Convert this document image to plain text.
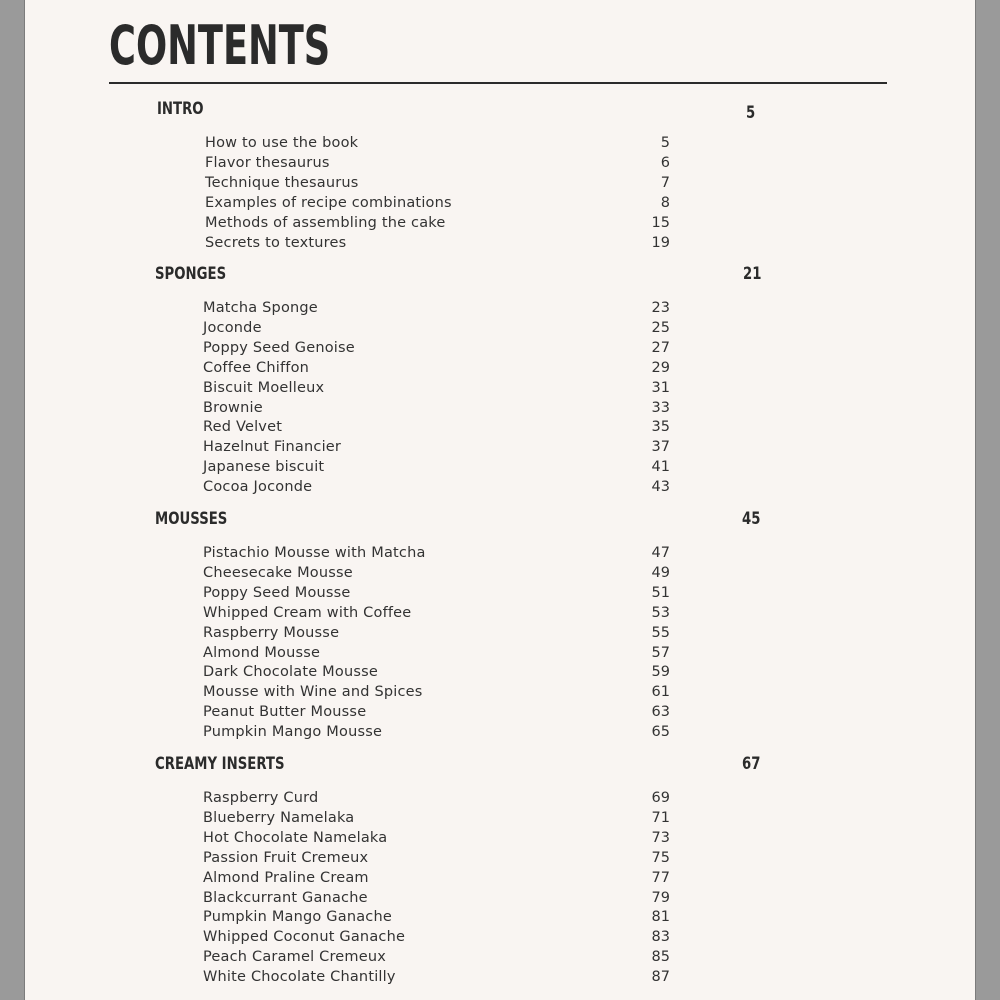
CONTENTS
INTRO	5
How to use the book	5
Flavor thesaurus	6
Technique thesaurus	7
Examples of recipe combinations	8
Methods of assembling the cake	15
Secrets to textures	19
SPONGES	21
Matcha Sponge	23
Joconde	25
Poppy Seed Genoise	27
Coffee Chiffon	29
Biscuit Moelleux	31
Brownie	33
Red Velvet	35
Hazelnut Financier	37
Japanese biscuit	41
Cocoa Joconde	43
MOUSSES	45
Pistachio Mousse with Matcha	47
Cheesecake Mousse	49
Poppy Seed Mousse	51
Whipped Cream with Coffee	53
Raspberry Mousse	55
Almond Mousse	57
Dark Chocolate Mousse	59
Mousse with Wine and Spices	61
Peanut Butter Mousse	63
Pumpkin Mango Mousse	65
CREAMY INSERTS	67
Raspberry Curd	69
Blueberry Namelaka	71
Hot Chocolate Namelaka	73
Passion Fruit Cremeux	75
Almond Praline Cream	77
Blackcurrant Ganache	79
Pumpkin Mango Ganache	81
Whipped Coconut Ganache	83
Peach Caramel Cremeux	85
White Chocolate Chantilly	87
